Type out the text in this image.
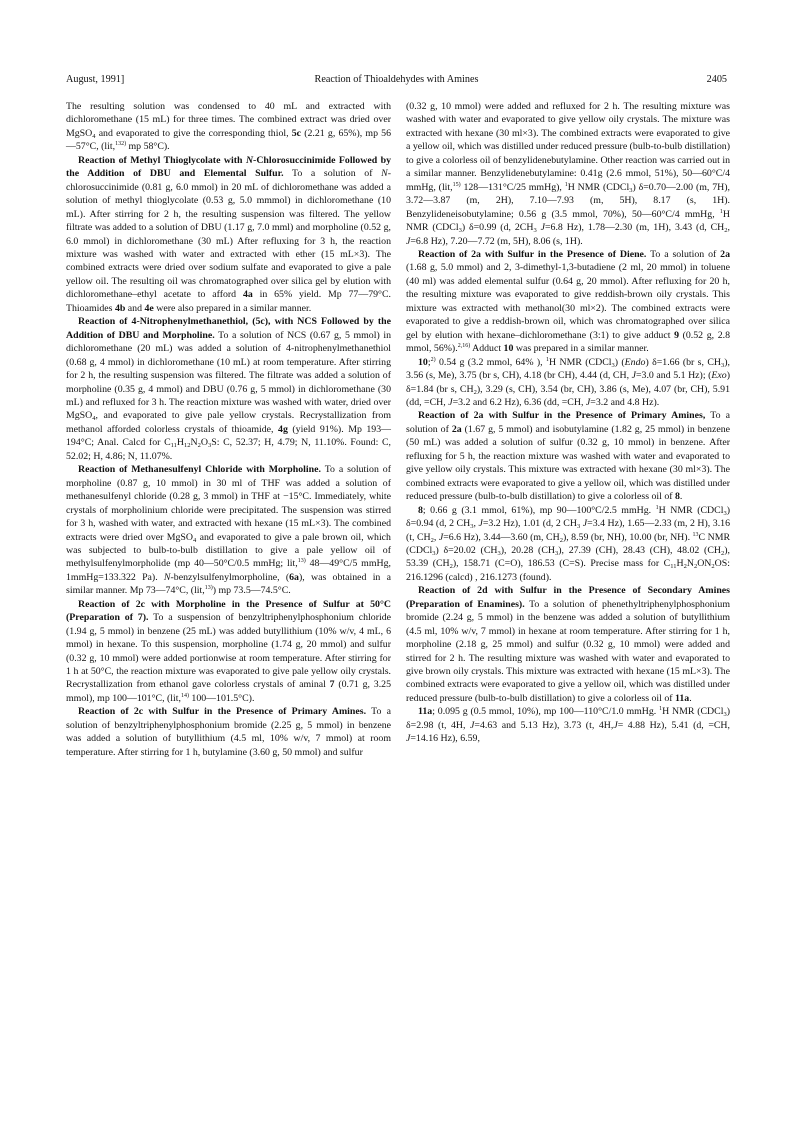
August, 1991]	Reaction of Thioaldehydes with Amines	2405

The resulting solution was condensed to 40 mL and extracted with dichloromethane (15 mL) for three times. The combined extract was dried over MgSO$_4$ and evaporated to give the corresponding thiol, 5c (2.21 g, 65%), mp 56—57°C, (lit,$^{132)}$ mp 58°C).

Reaction of Methyl Thioglycolate with N-Chlorosuccinimide Followed by the Addition of DBU and Elemental Sulfur. To a solution of N-chlorosuccinimide (0.81 g, 6.0 mmol) in 20 mL of dichloromethane was added a solution of methyl thioglycolate (0.53 g, 5.0 mmmol) in dichloromethane (10 mL). After stirring for 2 h, the resulting suspension was filtered. The yellow filtrate was added to a solution of DBU (1.17 g, 7.0 mml) and morpholine (0.52 g, 6.0 mmol) in dichloromethane (30 mL) After refluxing for 3 h, the reaction mixture was washed with water and extracted with ether (15 mL×3). The combined extracts were dried over sodium sulfate and evaporated to give a pale yellow oil. The resulting oil was chromatographed over silica gel by elution with dichloromethane–ethyl acetate to afford 4a in 65% yield. Mp 77—79°C. Thioamides 4b and 4e were also prepared in a similar manner.

Reaction of 4-Nitrophenylmethanethiol, (5c), with NCS Followed by the Addition of DBU and Morpholine. To a solution of NCS (0.67 g, 5 mmol) in dichloromethane (20 mL) was added a solution of 4-nitrophenylmethanethiol (0.68 g, 4 mmol) in dichloromethane (10 mL) at room temperature. After stirring for 2 h, the resulting suspension was filtered. The filtrate was added a solution of morpholine (0.35 g, 4 mmol) and DBU (0.76 g, 5 mmol) in dichloromethane (30 mL) and refluxed for 3 h. The reaction mixture was washed with water, dried over MgSO$_4$, and evaporated to give pale yellow crystals. Recrystallization from methanol afforded colorless crystals of thioamide, 4g (yield 91%). Mp 193—194°C; Anal. Calcd for $C_{11}H_{12}N_2O_3S$: C, 52.37; H, 4.79; N, 11.10%. Found: C, 52.02; H, 4.86; N, 11.07%.

Reaction of Methanesulfenyl Chloride with Morpholine. To a solution of morpholine (0.87 g, 10 mmol) in 30 ml of THF was added a solution of methanesulfenyl chloride (0.28 g, 3 mmol) in THF at −15°C. Immediately, white crystals of morpholinium chloride were precipitated. The suspension was stirred for 3 h, washed with water, and extracted with hexane (15 mL×3). The combined extracts were dried over MgSO$_4$ and evaporated to give a pale brown oil, which was subjected to bulb-to-bulb distillation to give a pale yellow oil of methylsulfenylmorpholide (mp 40—50°C/0.5 mmHg; lit,$^{13)}$ 48—49°C/5 mmHg, 1mmHg=133.322 Pa). N-benzylsulfenylmorpholine, (6a), was obtained in a similar manner. Mp 73—74°C, (lit,$^{13)}$) mp 73.5—74.5°C.

Reaction of 2c with Morpholine in the Presence of Sulfur at 50°C (Preparation of 7). To a suspension of benzyltriphenylphosphonium chloride (1.94 g, 5 mmol) in benzene (25 mL) was added butyllithium (10% w/v, 4 mL, 6 mmol) in hexane. To this suspension, morpholine (1.74 g, 20 mmol) and sulfur (0.32 g, 10 mmol) were added portionwise at room temperature. After stirring for 1 h at 50°C, the reaction mixture was evaporated to give pale yellow oily crystals. Recrystallization from ethanol gave colorless crystals of aminal 7 (0.71 g, 3.25 mmol), mp 100—101°C, (lit,$^{14)}$ 100—101.5°C).

Reaction of 2c with Sulfur in the Presence of Primary Amines. To a solution of benzyltriphenylphosphonium bromide (2.25 g, 5 mmol) in benzene was added a solution of butyllithium (4.5 ml, 10% w/v, 7 mmol) at room temperature. After stirring for 1 h, butylamine (3.60 g, 50 mmol) and sulfur

(0.32 g, 10 mmol) were added and refluxed for 2 h. The resulting mixture was washed with water and evaporated to give yellow oily crystals. The mixture was extracted with hexane (30 ml×3). The combined extracts were evaporated to give a yellow oil, which was distilled under reduced pressure (bulb-to-bulb distillation) to give a colorless oil of benzylidenebutylamine. Other reaction was carried out in a similar manner. Benzylidenebutylamine: 0.41g (2.6 mmol, 51%), 50—60°C/4 mmHg, (lit,$^{15)}$ 128—131°C/25 mmHg), $^1$H NMR (CDCl$_3$) δ=0.70—2.00 (m, 7H), 3.72—3.87 (m, 2H), 7.10—7.93 (m, 5H), 8.17 (s, 1H). Benzylideneisobutylamine; 0.56 g (3.5 mmol, 70%), 50—60°C/4 mmHg, $^1$H NMR (CDCl$_3$) δ=0.99 (d, $2CH_3$ J=6.8 Hz), 1.78—2.30 (m, 1H), 3.43 (d, $CH_2$, J=6.8 Hz), 7.20—7.72 (m, 5H), 8.06 (s, 1H).

Reaction of 2a with Sulfur in the Presence of Diene. To a solution of 2a (1.68 g, 5.0 mmol) and 2, 3-dimethyl-1,3-butadiene (2 ml, 20 mmol) in toluene (40 ml) was added elemental sulfur (0.64 g, 20 mmol). After refluxing for 20 h, the resulting mixture was evaporated to give reddish-brown oily crystals. This mixture was extracted with methanol(30 ml×2). The combined extracts were evaporated to give a reddish-brown oil, which was chromatographed over silica gel by elution with hexane–dichloromethane (3:1) to give adduct 9 (0.52 g, 2.8 mmol, 56%).$^{2,16)}$ Adduct 10 was prepared in a similar manner.

10;$^{2)}$ 0.54 g (3.2 mmol, 64% ), $^1$H NMR (CDCl$_3$) (Endo) δ=1.66 (br s, $CH_3$), 3.56 (s, Me), 3.75 (br s, CH), 4.18 (br CH), 4.44 (d, CH, J=3.0 and 5.1 Hz); (Exo) δ=1.84 (br s, $CH_2$), 3.29 (s, CH), 3.54 (br, CH), 3.86 (s, Me), 4.07 (br, CH), 5.91 (dd, =CH, J=3.2 and 6.2 Hz), 6.36 (dd, =CH, J=3.2 and 4.8 Hz).

Reaction of 2a with Sulfur in the Presence of Primary Amines, To a solution of 2a (1.67 g, 5 mmol) and isobutylamine (1.82 g, 25 mmol) in benzene (50 mL) was added a solution of sulfur (0.32 g, 10 mmol) in benzene. After refluxing for 5 h, the reaction mixture was washed with water and evaporated to give yellow oily crystals. This mixture was extracted with hexane (30 ml×3). The combined extracts were evaporated to give a yellow oil, which was distilled under reduced pressure (bulb-to-bulb distillation) to give a colorless oil of 8.

8; 0.66 g (3.1 mmol, 61%), mp 90—100°C/2.5 mmHg. $^1$H NMR (CDCl$_3$) δ=0.94 (d, 2 $CH_3$, J=3.2 Hz), 1.01 (d, 2 $CH_3$ J=3.4 Hz), 1.65—2.33 (m, 2 H), 3.16 (t, $CH_2$, J=6.6 Hz), 3.44—3.60 (m, $CH_2$), 8.59 (br, NH), 10.00 (br, NH). $^{13}$C NMR (CDCl$_3$) δ=20.02 $(CH_3)$, 20.28 $(CH_3)$, 27.39 (CH), 28.43 (CH), 48.02 $(CH_2)$, 53.39 $(CH_2)$, 158.71 (C=O), 186.53 (C=S). Precise mass for $C_{11}H_2N_2ON_2OS$: 216.1296 (calcd) , 216.1273 (found).

Reaction of 2d with Sulfur in the Presence of Secondary Amines (Preparation of Enamines). To a solution of phenethyltriphenylphosphonium bromide (2.24 g, 5 mmol) in the benzene was added a solution of butyllithium (4.5 ml, 10% w/v, 7 mmol) in hexane at room temperature. After stirring for 1 h, morpholine (2.18 g, 25 mmol) and sulfur (0.32 g, 10 mmol) were added and stirred for 2 h. The resulting mixture was washed with water and evaporated to give brown oily crystals. This mixture was extracted with hexane (15 mL×3). The combined extracts were evaporated to give a yellow oil, which was distilled under reduced pressure (bulb-to-bulb distillation) to give a colorless oil of 11a.

11a; 0.095 g (0.5 mmol, 10%), mp 100—110°C/1.0 mmHg. $^1$H NMR (CDCl$_3$) δ=2.98 (t, 4H, J=4.63 and 5.13 Hz), 3.73 (t, 4H,J= 4.88 Hz), 5.41 (d, =CH, J=14.16 Hz), 6.59,
